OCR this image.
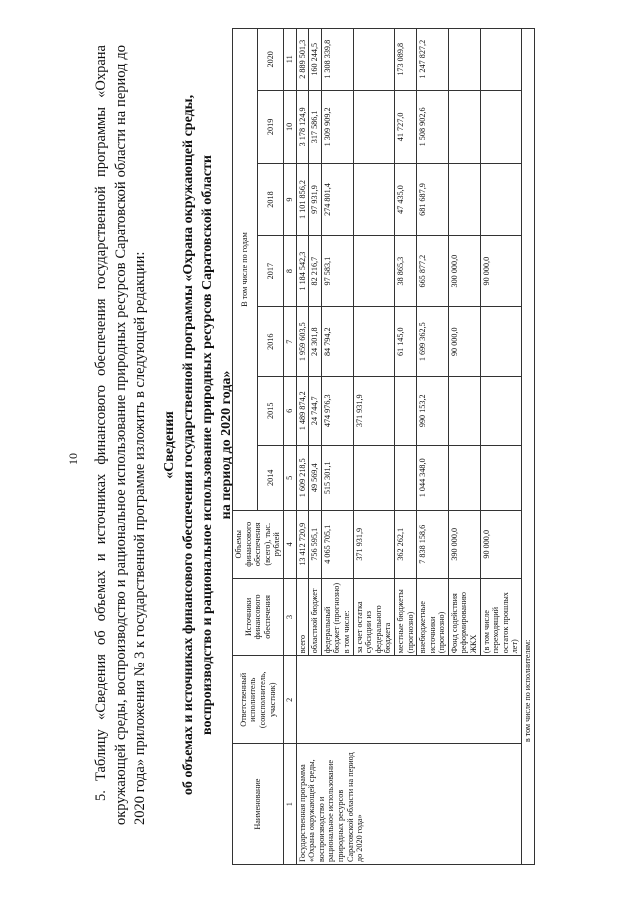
10 5. Таблицу «Сведения об объемах и источниках финансового обеспечения государственной программы «Охрана окружающей среды, воспроизводство и рациональное использование природных ресурсов Саратовской области на период до 2020 года» приложения № 3 к государственной программе изложить в следующей редакции: «Сведения об объемах и источниках финансового обеспечения государственной программы «Охрана окружающей среды, воспроизводство и рациональное использование природных ресурсов Саратовской области на период до 2020 года»
Наименование	Ответственный исполнитель (соисполнитель, участник)	Источники финансового обеспечения	Объемы финансового обеспечения (всего), тыс. рублей	В том числе по годам						
				2014	2015	2016	2017	2018	2019	2020
1	2	3	4	5	6	7	8	9	10	11
Государственная программа «Охрана окружающей среды, воспроизводство и рациональное использование природных ресурсов Саратовской области на период до 2020 года»		всего	13 412 720,9	1 609 218,5	1 489 874,2	1 959 603,5	1 184 542,3	1 101 856,2	3 178 124,9	2 889 501,3
		областной бюджет	756 595,1	49 569,4	24 744,7	24 301,8	82 216,7	97 931,9	317 586,1	160 244,5
		федеральный бюджет (прогнозно) в том числе:	4 065 705,1	515 301,1	474 976,3	84 794,2	97 583,1	274 801,4	1 309 909,2	1 308 339,8
		за счет остатка субсидии из федерального бюджета	371 931,9		371 931,9					
		местные бюджеты (прогнозно)	362 262,1			61 145,0	38 865,3	47 435,0	41 727,0	173 089,8
		внебюджетные источники (прогнозно)	7 838 158,6	1 044 348,0	990 153,2	1 699 362,5	665 877,2	681 687,9	1 508 902,6	1 247 827,2
		Фонд содействия реформированию ЖКХ	390 000,0			90 000,0	300 000,0			
		(в том числе переходящий остаток прошлых лет)	90 000,0				90 000,0			
в том числе по исполнителям:										
